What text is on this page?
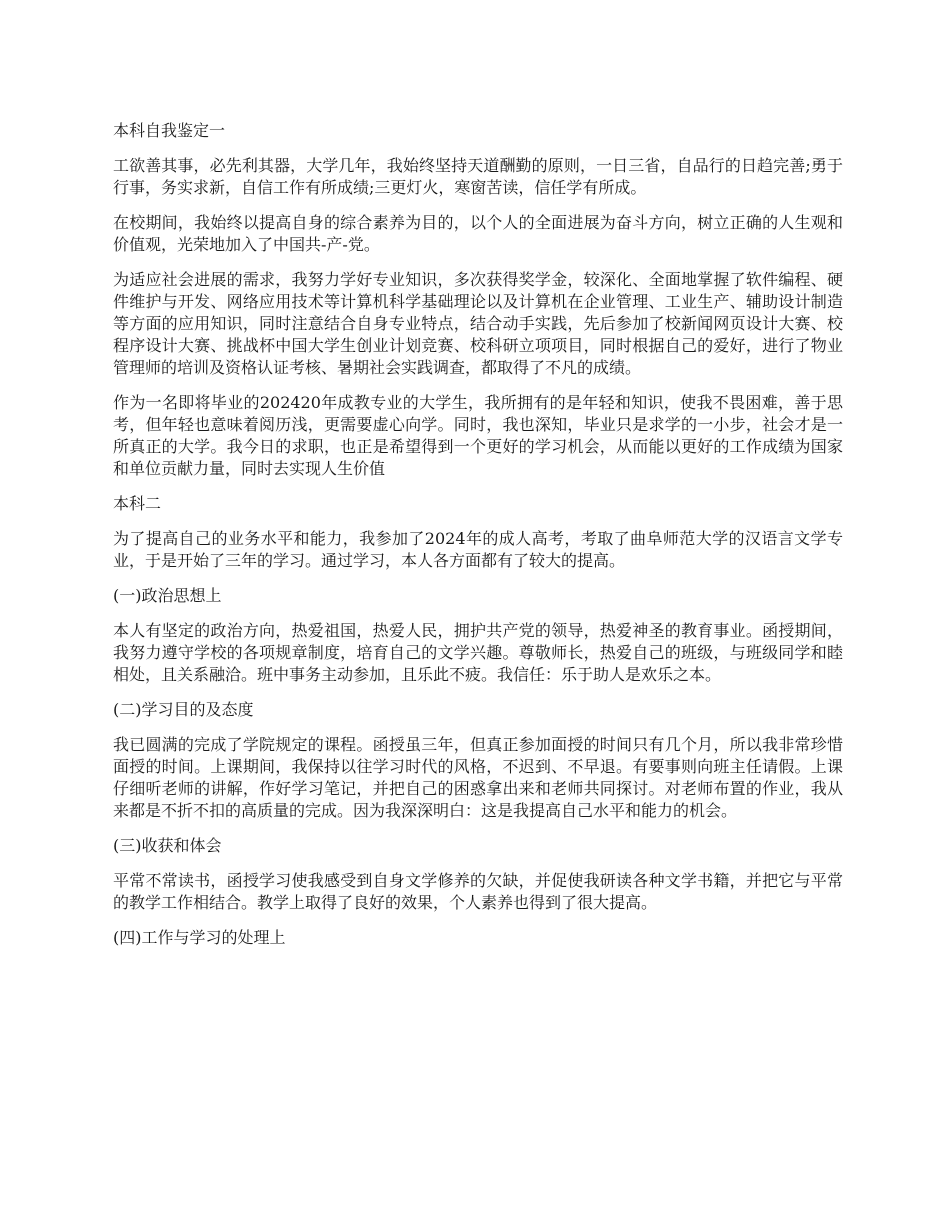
本科自我鉴定一

工欲善其事，必先利其器，大学几年，我始终坚持天道酬勤的原则，一日三省，自品行的日趋完善;勇于行事，务实求新，自信工作有所成绩;三更灯火，寒窗苦读，信任学有所成。

在校期间，我始终以提高自身的综合素养为目的，以个人的全面进展为奋斗方向，树立正确的人生观和价值观，光荣地加入了中国共-产-党。

为适应社会进展的需求，我努力学好专业知识，多次获得奖学金，较深化、全面地掌握了软件编程、硬件维护与开发、网络应用技术等计算机科学基础理论以及计算机在企业管理、工业生产、辅助设计制造等方面的应用知识，同时注意结合自身专业特点，结合动手实践，先后参加了校新闻网页设计大赛、校程序设计大赛、挑战杯中国大学生创业计划竞赛、校科研立项项目，同时根据自己的爱好，进行了物业管理师的培训及资格认证考核、暑期社会实践调查，都取得了不凡的成绩。

作为一名即将毕业的202420年成教专业的大学生，我所拥有的是年轻和知识，使我不畏困难，善于思考，但年轻也意味着阅历浅，更需要虚心向学。同时，我也深知，毕业只是求学的一小步，社会才是一所真正的大学。我今日的求职，也正是希望得到一个更好的学习机会，从而能以更好的工作成绩为国家和单位贡献力量，同时去实现人生价值

本科二

为了提高自己的业务水平和能力，我参加了2024年的成人高考，考取了曲阜师范大学的汉语言文学专业，于是开始了三年的学习。通过学习，本人各方面都有了较大的提高。

(一)政治思想上

本人有坚定的政治方向，热爱祖国，热爱人民，拥护共产党的领导，热爱神圣的教育事业。函授期间，我努力遵守学校的各项规章制度，培育自己的文学兴趣。尊敬师长，热爱自己的班级，与班级同学和睦相处，且关系融洽。班中事务主动参加，且乐此不疲。我信任：乐于助人是欢乐之本。

(二)学习目的及态度

我已圆满的完成了学院规定的课程。函授虽三年，但真正参加面授的时间只有几个月，所以我非常珍惜面授的时间。上课期间，我保持以往学习时代的风格，不迟到、不早退。有要事则向班主任请假。上课仔细听老师的讲解，作好学习笔记，并把自己的困惑拿出来和老师共同探讨。对老师布置的作业，我从来都是不折不扣的高质量的完成。因为我深深明白：这是我提高自己水平和能力的机会。

(三)收获和体会

平常不常读书，函授学习使我感受到自身文学修养的欠缺，并促使我研读各种文学书籍，并把它与平常的教学工作相结合。教学上取得了良好的效果，个人素养也得到了很大提高。

(四)工作与学习的处理上
